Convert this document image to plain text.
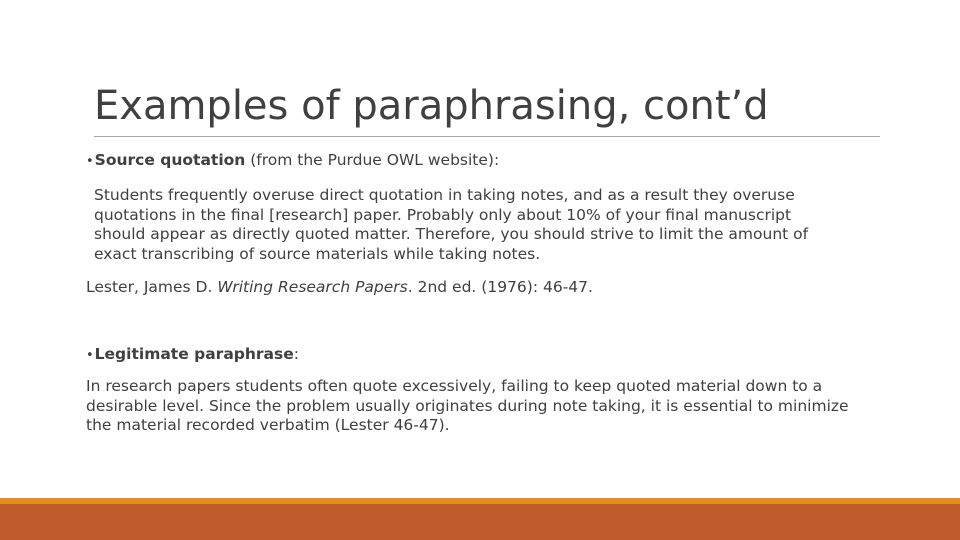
Examples of paraphrasing, cont’d
•Source quotation (from the Purdue OWL website):
Students frequently overuse direct quotation in taking notes, and as a result they overuse
quotations in the final [research] paper. Probably only about 10% of your final manuscript
should appear as directly quoted matter. Therefore, you should strive to limit the amount of
exact transcribing of source materials while taking notes.
Lester, James D. Writing Research Papers. 2nd ed. (1976): 46-47.
•Legitimate paraphrase:
In research papers students often quote excessively, failing to keep quoted material down to a
desirable level. Since the problem usually originates during note taking, it is essential to minimize
the material recorded verbatim (Lester 46-47).
